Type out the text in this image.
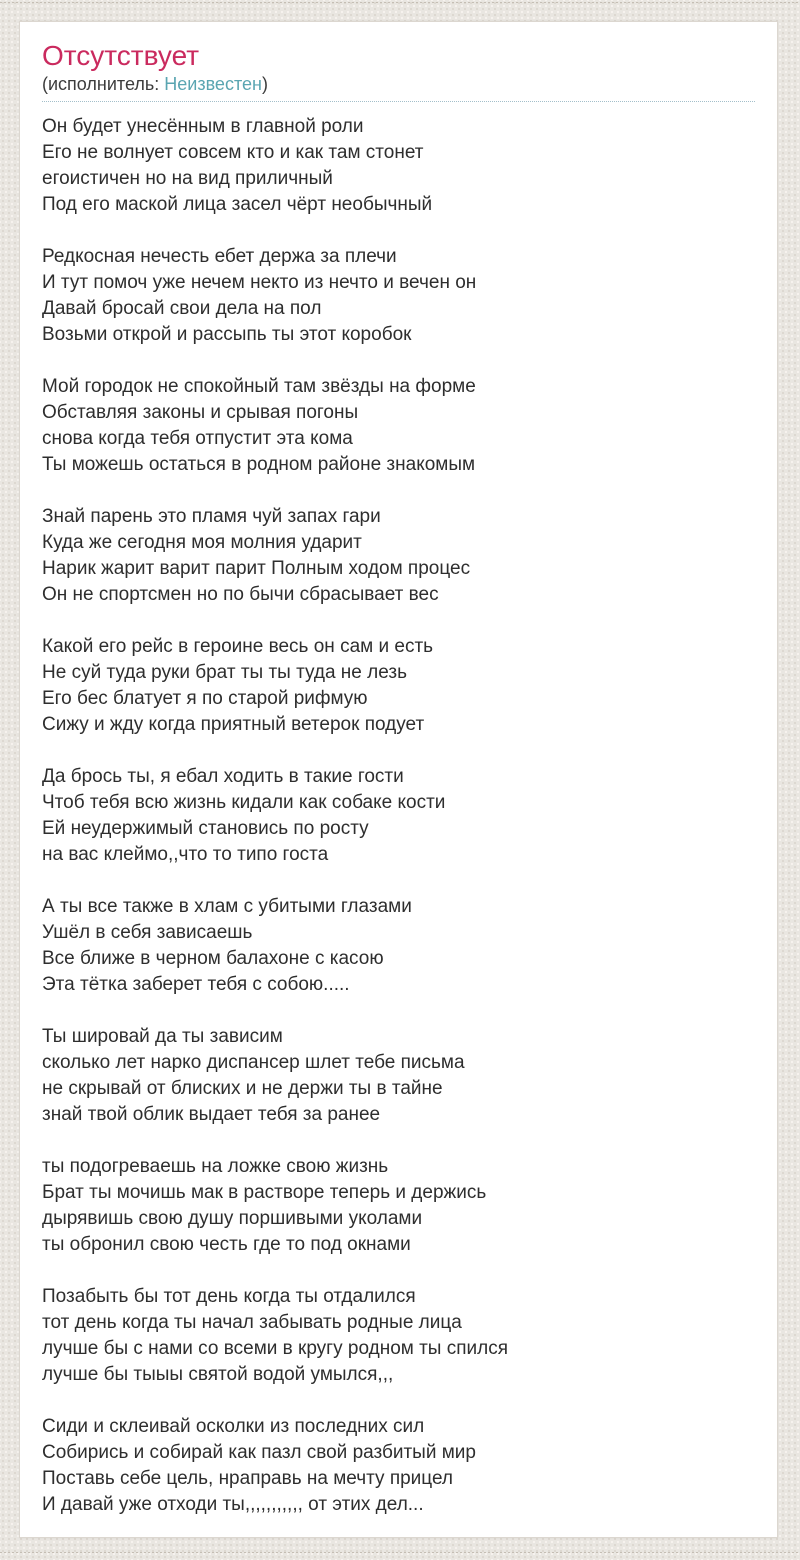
Отсутствует

(исполнитель: Неизвестен)

Он будет унесённым в главной роли
Его не волнует совсем кто и как там стонет
егоистичен но на вид приличный
Под его маской лица засел чёрт необычный

Редкосная нечесть ебет держа за плечи
И тут помоч уже нечем некто из нечто и вечен он
Давай бросай свои дела на пол
Возьми открой и рассыпь ты этот коробок

Мой городок не спокойный там звёзды на форме
Обставляя законы и срывая погоны
снова когда тебя отпустит эта кома
Ты можешь остаться в родном районе знакомым

Знай парень это пламя чуй запах гари
Куда же сегодня моя молния ударит
Нарик жарит варит парит Полным ходом процес
Он не спортсмен но по бычи сбрасывает вес

Какой его рейс в героине весь он сам и есть
Не суй туда руки брат ты ты туда не лезь
Его бес блатует я по старой рифмую
Сижу и жду когда приятный ветерок подует

Да брось ты, я ебал ходить в такие гости
Чтоб тебя всю жизнь кидали как собаке кости
Ей неудержимый становись по росту
на вас клеймо,,что то типо госта

А ты все также в хлам с убитыми глазами
Ушёл в себя зависаешь
Все ближе в черном балахоне с касою
Эта тётка заберет тебя с собою.....

Ты шировай да ты зависим
сколько лет нарко диспансер шлет тебе письма
не скрывай от блиских и не держи ты в тайне
знай твой облик выдает тебя за ранее

ты подогреваешь на ложке свою жизнь
Брат ты мочишь мак в растворе теперь и держись
дырявишь свою душу поршивыми уколами
ты обронил свою честь где то под окнами

Позабыть бы тот день когда ты отдалился
тот день когда ты начал забывать родные лица
лучше бы с нами со всеми в кругу родном ты спился
лучше бы тыыы святой водой умылся,,,

Сиди и склеивай осколки из последних сил
Собирись и собирай как пазл свой разбитый мир
Поставь себе цель, нраправь на мечту прицел
И давай уже отходи ты,,,,,,,,,,, от этих дел...
